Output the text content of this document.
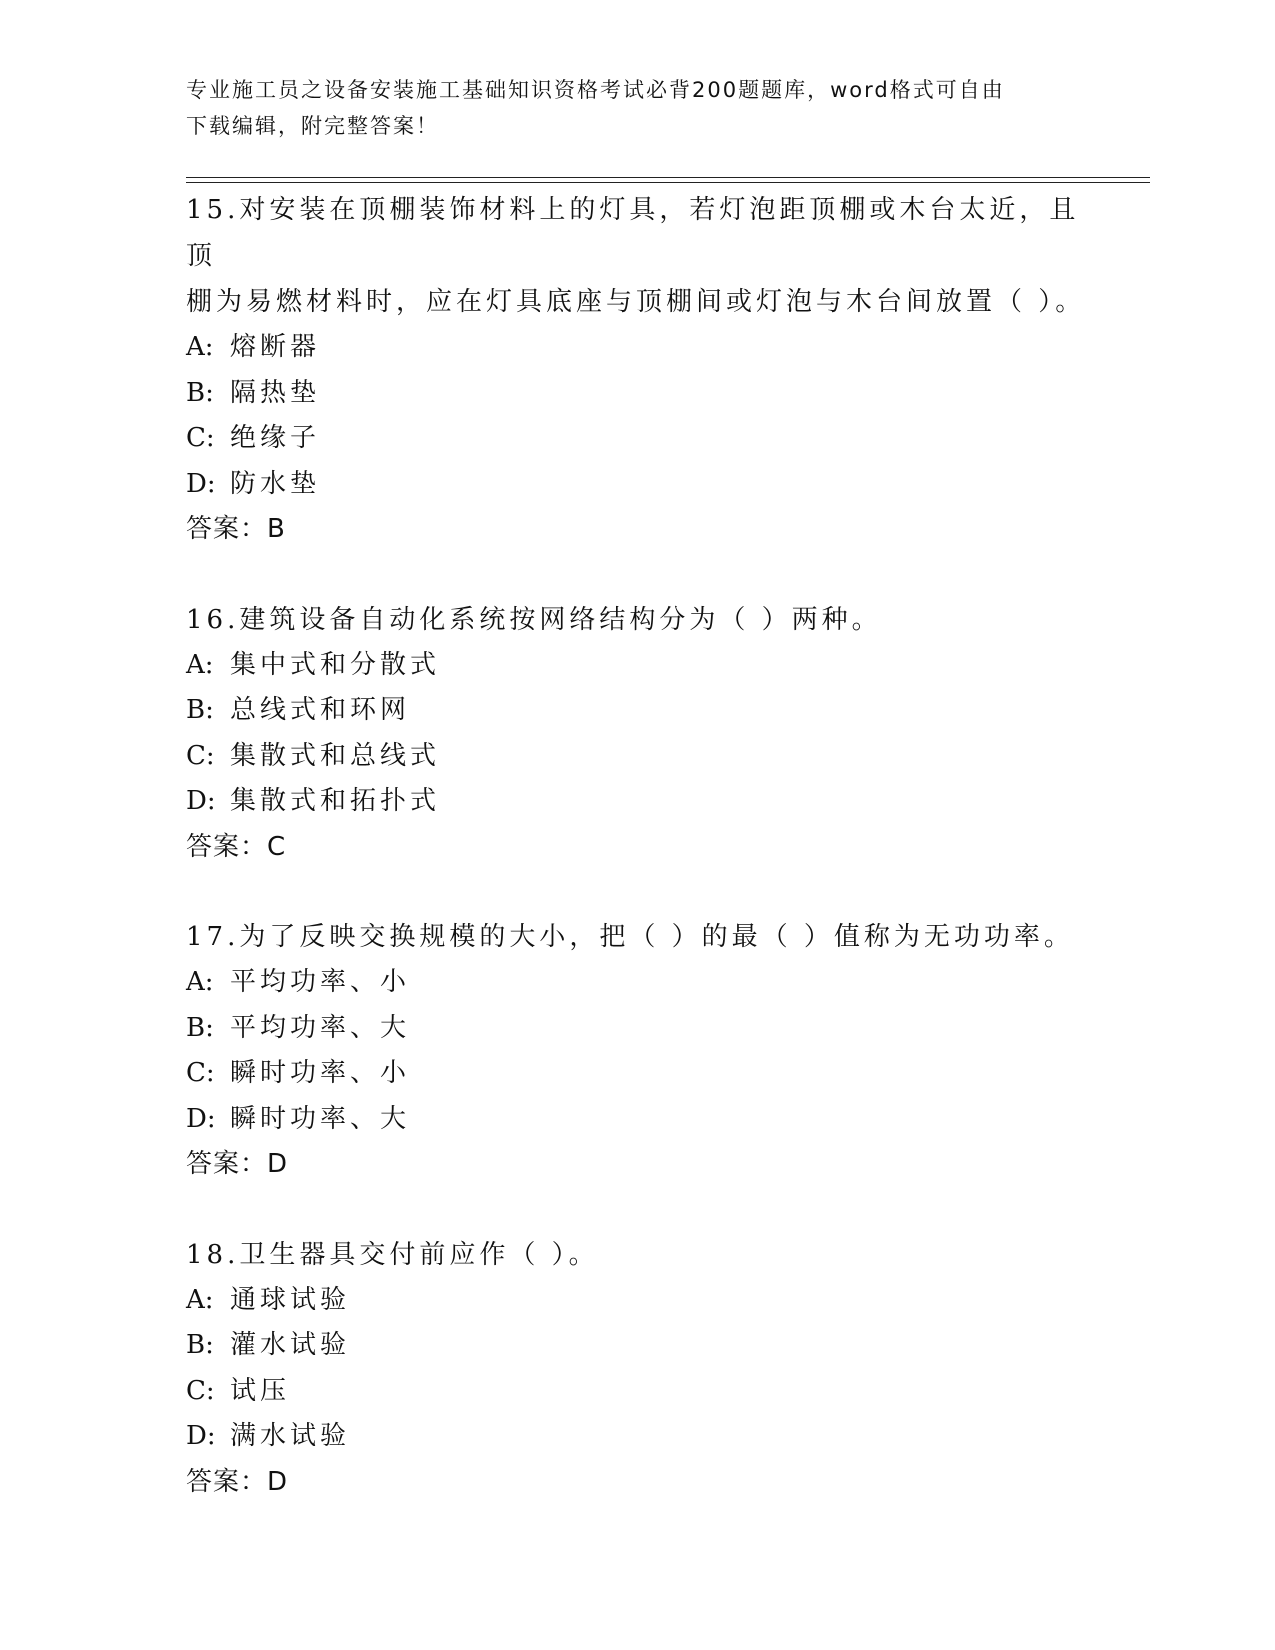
专业施工员之设备安装施工基础知识资格考试必背200题题库，word格式可自由
下载编辑，附完整答案！
15.对安装在顶棚装饰材料上的灯具，若灯泡距顶棚或木台太近，且顶
棚为易燃材料时，应在灯具底座与顶棚间或灯泡与木台间放置（ ）。
A: 熔断器
B: 隔热垫
C: 绝缘子
D: 防水垫
答案：B
16.建筑设备自动化系统按网络结构分为（ ）两种。
A: 集中式和分散式
B: 总线式和环网
C: 集散式和总线式
D: 集散式和拓扑式
答案：C
17.为了反映交换规模的大小，把（ ）的最（ ）值称为无功功率。
A: 平均功率、小
B: 平均功率、大
C: 瞬时功率、小
D: 瞬时功率、大
答案：D
18.卫生器具交付前应作（ ）。
A: 通球试验
B: 灌水试验
C: 试压
D: 满水试验
答案：D
